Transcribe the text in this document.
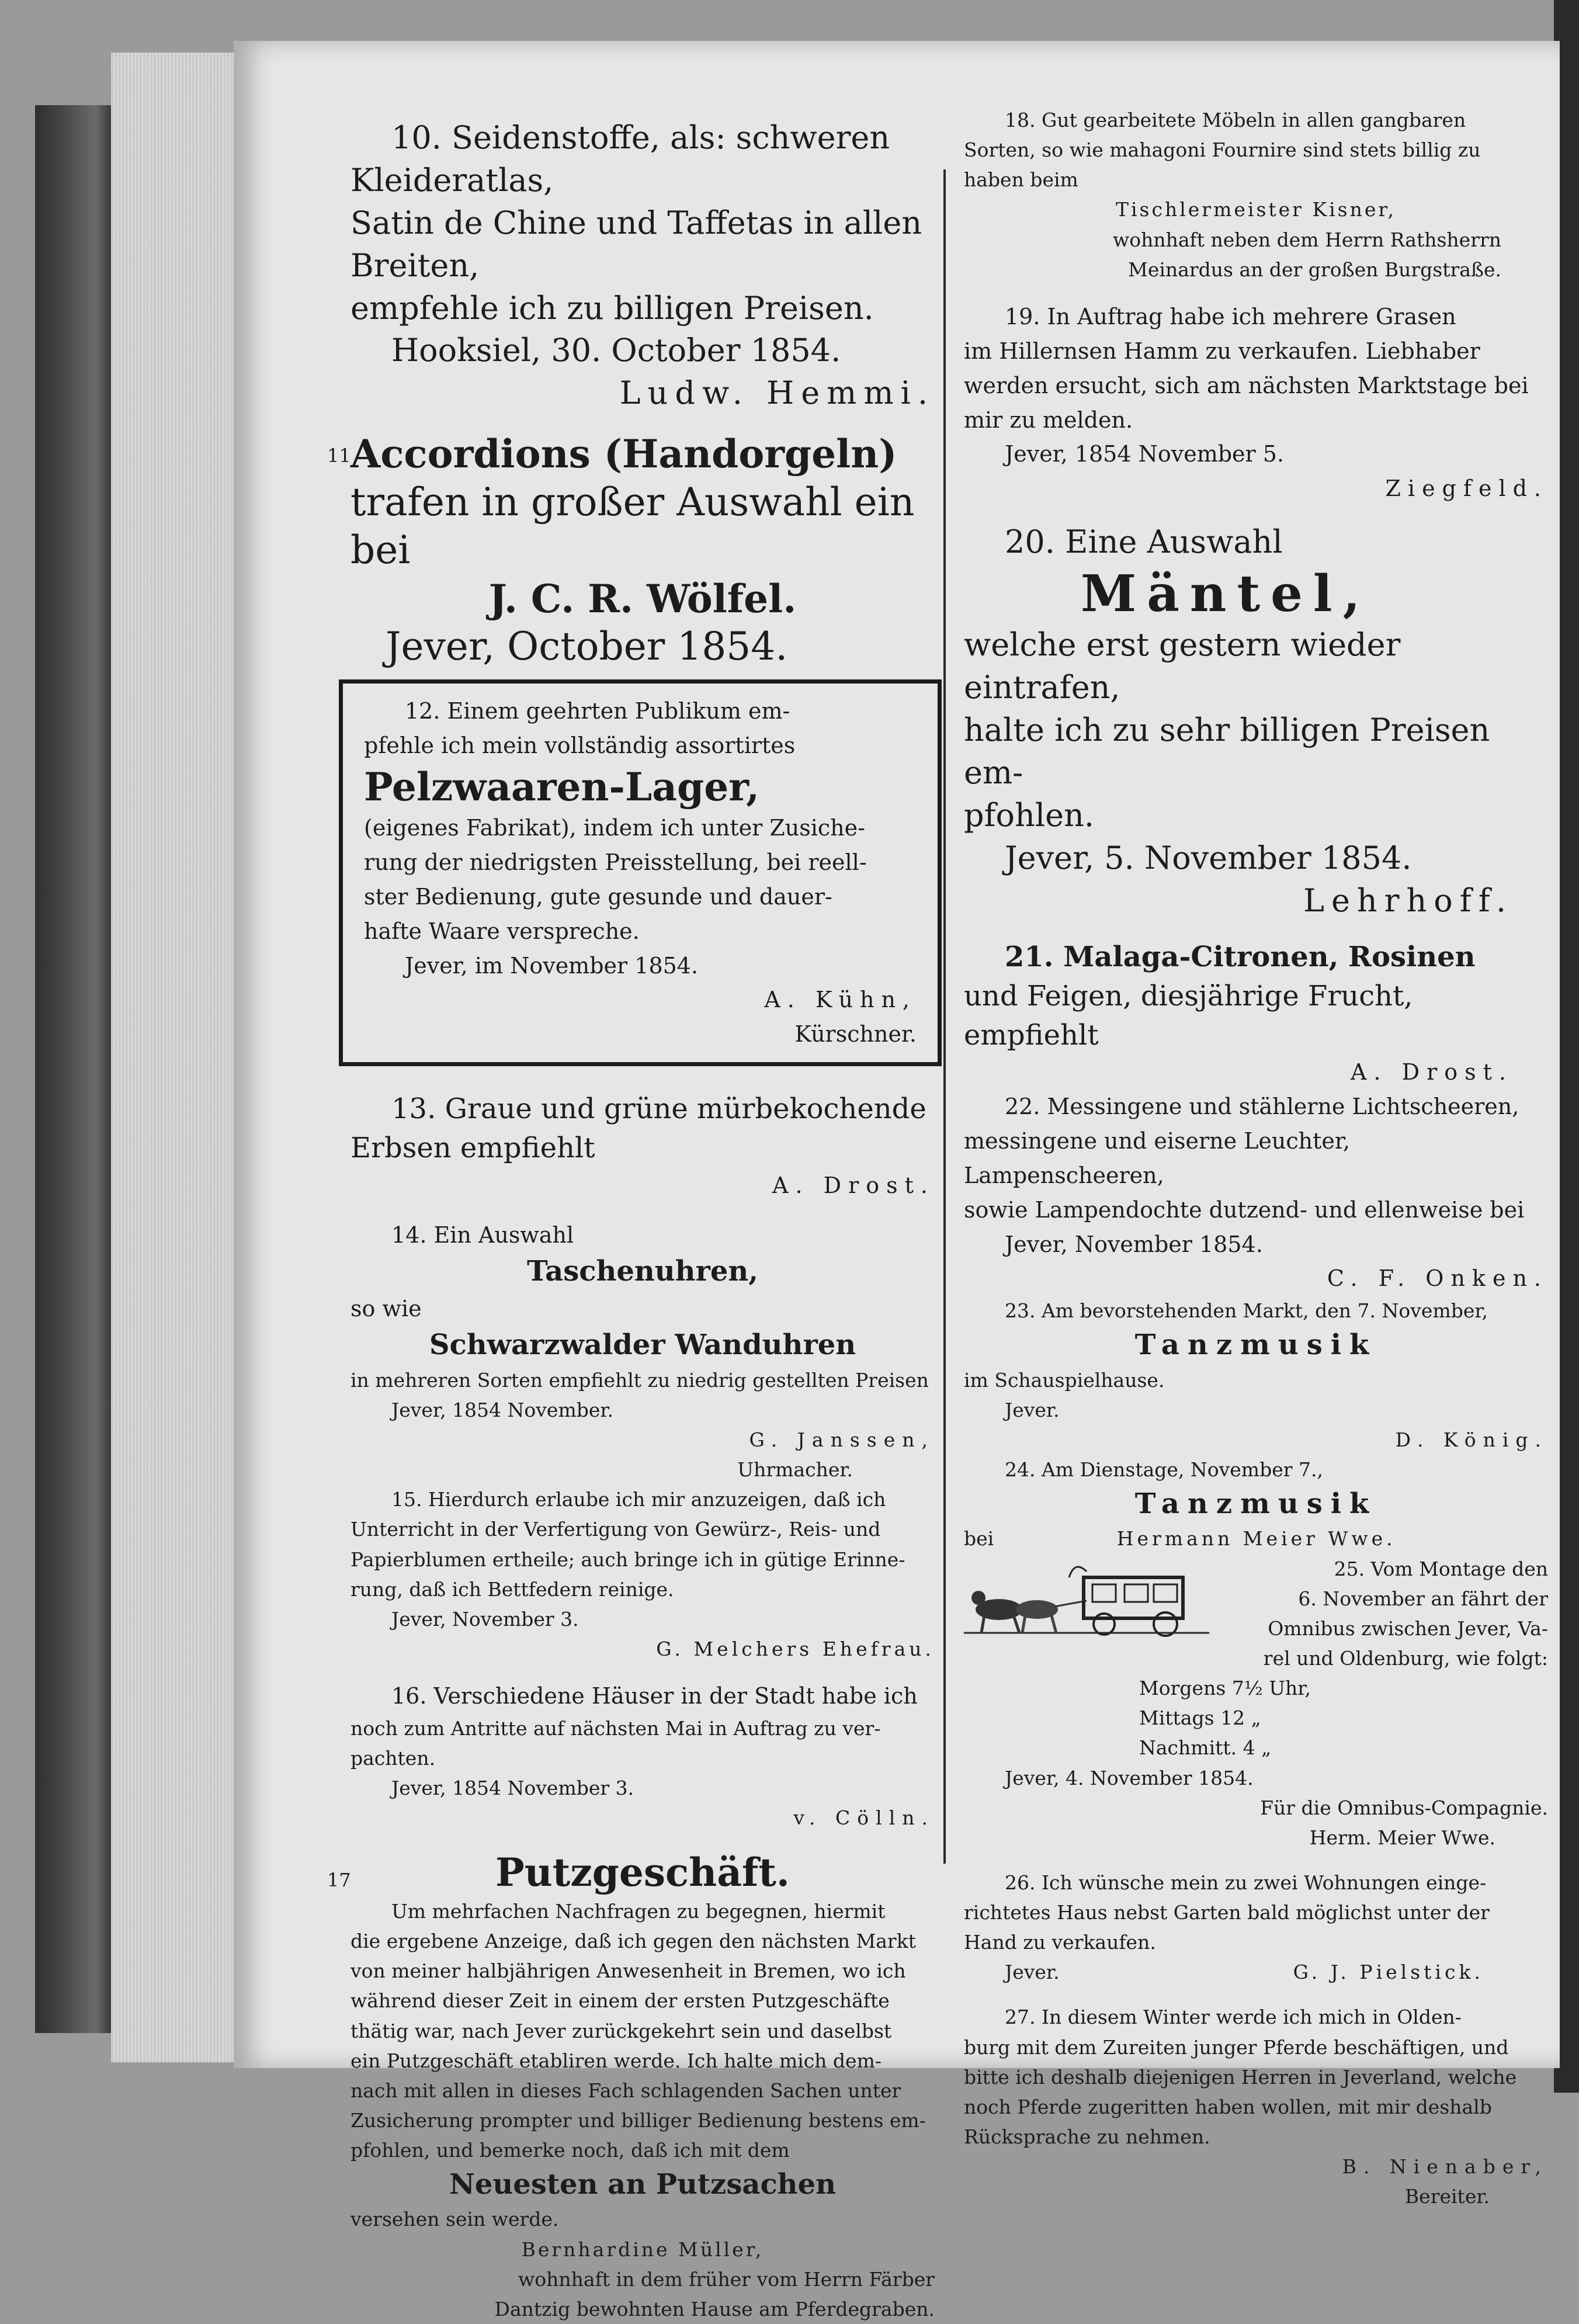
10. Seidenstoffe, als: schweren Kleideratlas,

Satin de Chine und Taffetas in allen Breiten,

empfehle ich zu billigen Preisen.

Hooksiel, 30. October 1854.

Ludw. Hemmi.

11 Accordions (Handorgeln)

trafen in großer Auswahl ein bei

J. C. R. Wölfel.

Jever, October 1854.

12. Einem geehrten Publikum em-

pfehle ich mein vollständig assortirtes

Pelzwaaren-Lager,

(eigenes Fabrikat), indem ich unter Zusiche-

rung der niedrigsten Preisstellung, bei reell-

ster Bedienung, gute gesunde und dauer-

hafte Waare verspreche.

Jever, im November 1854.

A. Kühn,

Kürschner.

13. Graue und grüne mürbekochende

Erbsen empfiehlt

A. Drost.

14. Ein Auswahl

Taschenuhren,

so wie

Schwarzwalder Wanduhren

in mehreren Sorten empfiehlt zu niedrig gestellten Preisen

Jever, 1854 November.

G. Janssen,

Uhrmacher.

15. Hierdurch erlaube ich mir anzuzeigen, daß ich

Unterricht in der Verfertigung von Gewürz-, Reis- und

Papierblumen ertheile; auch bringe ich in gütige Erinne-

rung, daß ich Bettfedern reinige.

Jever, November 3.

G. Melchers Ehefrau.

16. Verschiedene Häuser in der Stadt habe ich

noch zum Antritte auf nächsten Mai in Auftrag zu ver-

pachten.

Jever, 1854 November 3.

v. Cölln.

17	Putzgeschäft.

Um mehrfachen Nachfragen zu begegnen, hiermit

die ergebene Anzeige, daß ich gegen den nächsten Markt

von meiner halbjährigen Anwesenheit in Bremen, wo ich

während dieser Zeit in einem der ersten Putzgeschäfte

thätig war, nach Jever zurückgekehrt sein und daselbst

ein Putzgeschäft etabliren werde. Ich halte mich dem-

nach mit allen in dieses Fach schlagenden Sachen unter

Zusicherung prompter und billiger Bedienung bestens em-

pfohlen, und bemerke noch, daß ich mit dem

Neuesten an Putzsachen

versehen sein werde.

Bernhardine Müller,

wohnhaft in dem früher vom Herrn Färber

Dantzig bewohnten Hause am Pferdegraben.

18. Gut gearbeitete Möbeln in allen gangbaren

Sorten, so wie mahagoni Fournire sind stets billig zu

haben beim

Tischlermeister Kisner,

wohnhaft neben dem Herrn Rathsherrn

Meinardus an der großen Burgstraße.

19. In Auftrag habe ich mehrere Grasen

im Hillernsen Hamm zu verkaufen. Liebhaber

werden ersucht, sich am nächsten Marktstage bei

mir zu melden.

Jever, 1854 November 5.

Ziegfeld.

20. Eine Auswahl

Mäntel,

welche erst gestern wieder eintrafen,

halte ich zu sehr billigen Preisen em-

pfohlen.

Jever, 5. November 1854.

Lehrhoff.

21. Malaga-Citronen, Rosinen

und Feigen, diesjährige Frucht, empfiehlt

A. Drost.

22. Messingene und stählerne Lichtscheeren,

messingene und eiserne Leuchter, Lampenscheeren,

sowie Lampendochte dutzend- und ellenweise bei

Jever, November 1854.

C. F. Onken.

23. Am bevorstehenden Markt, den 7. November,

Tanzmusik

im Schauspielhause.

Jever.

D. König.

24. Am Dienstage, November 7.,

Tanzmusik

bei	Hermann Meier Wwe.

25. Vom Montage den

6. November an fährt der

Omnibus zwischen Jever, Va-

rel und Oldenburg, wie folgt:

Morgens 7½ Uhr,

Mittags 12 „

Nachmitt. 4 „

Jever, 4. November 1854.

Für die Omnibus-Compagnie.

Herm. Meier Wwe.

26. Ich wünsche mein zu zwei Wohnungen einge-

richtetes Haus nebst Garten bald möglichst unter der

Hand zu verkaufen.

Jever.	G. J. Pielstick.

27. In diesem Winter werde ich mich in Olden-

burg mit dem Zureiten junger Pferde beschäftigen, und

bitte ich deshalb diejenigen Herren in Jeverland, welche

noch Pferde zugeritten haben wollen, mit mir deshalb

Rücksprache zu nehmen.

B. Nienaber,

Bereiter.
